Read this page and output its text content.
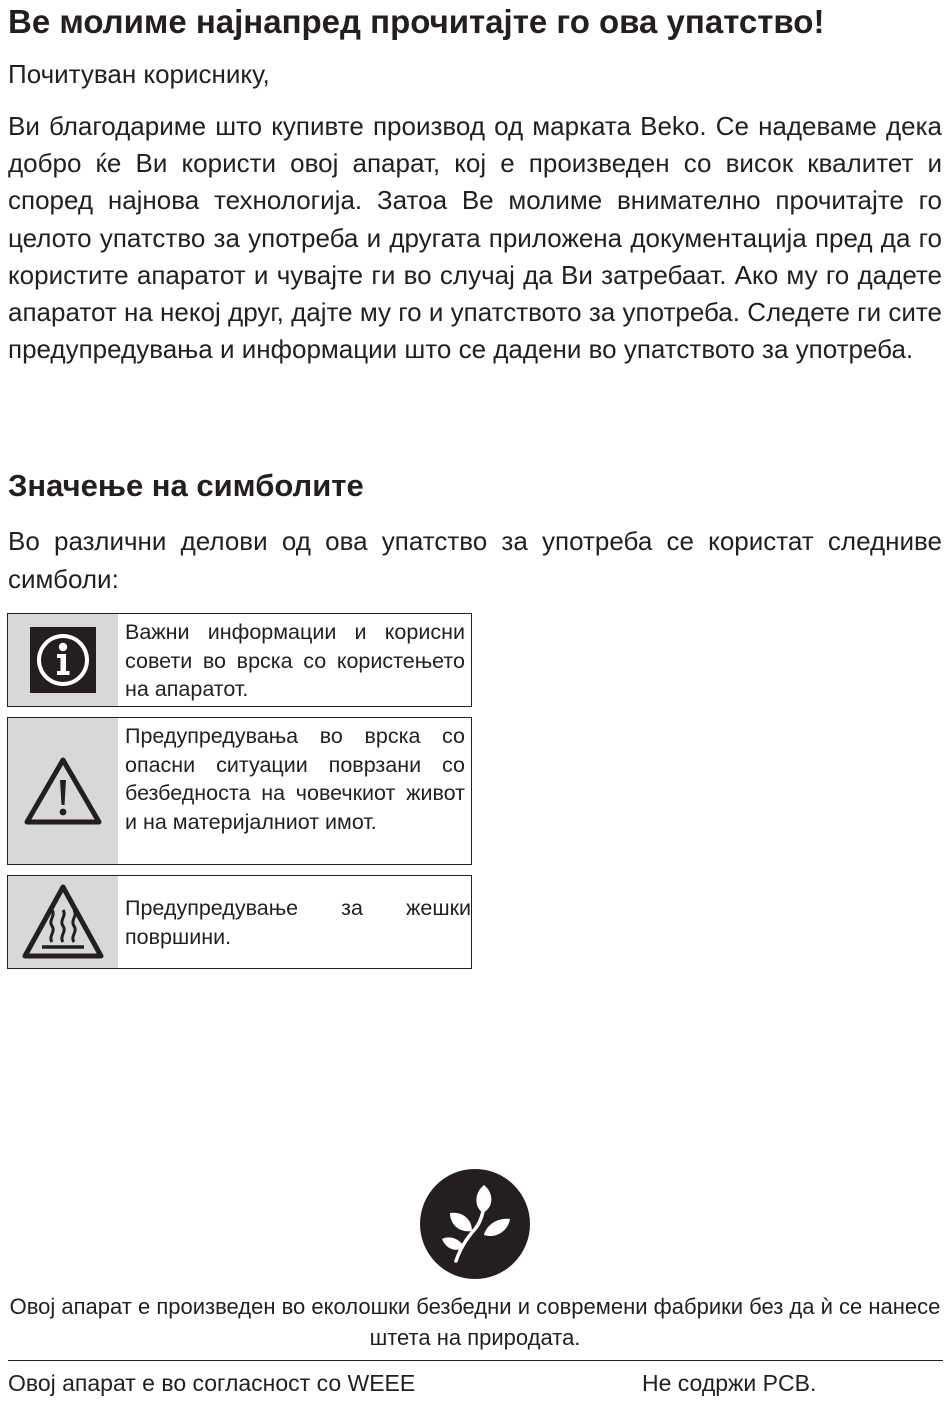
Ве молиме најнапред прочитајте го ова упатство!

Почитуван кориснику,

Ви благодариме што купивте производ од марката Beko. Се надеваме дека добро ќе Ви користи овој апарат, кој е произведен со висок квалитет и според најнова технологија. Затоа Ве молиме внимателно прочитајте го целото упатство за употреба и другата приложена документација пред да го користите апаратот и чувајте ги во случај да Ви затребаат. Ако му го дадете апаратот на некој друг, дајте му го и упатството за употреба. Следете ги сите предупредувања и информации што се дадени во упатството за употреба.

Значење на симболите

Во различни делови од ова упатство за употреба се користат следниве симболи:

Важни информации и корисни совети во врска со користењето на апаратот.
Предупредувања во врска со опасни ситуации поврзани со безбедноста на човечкиот живот и на материјалниот имот.
Предупредување за жешки површини.

Овој апарат е произведен во еколошки безбедни и современи фабрики без да ѝ се нанесе штета на природата.

Овој апарат е во согласност со WEEE	Не содржи PCB.
